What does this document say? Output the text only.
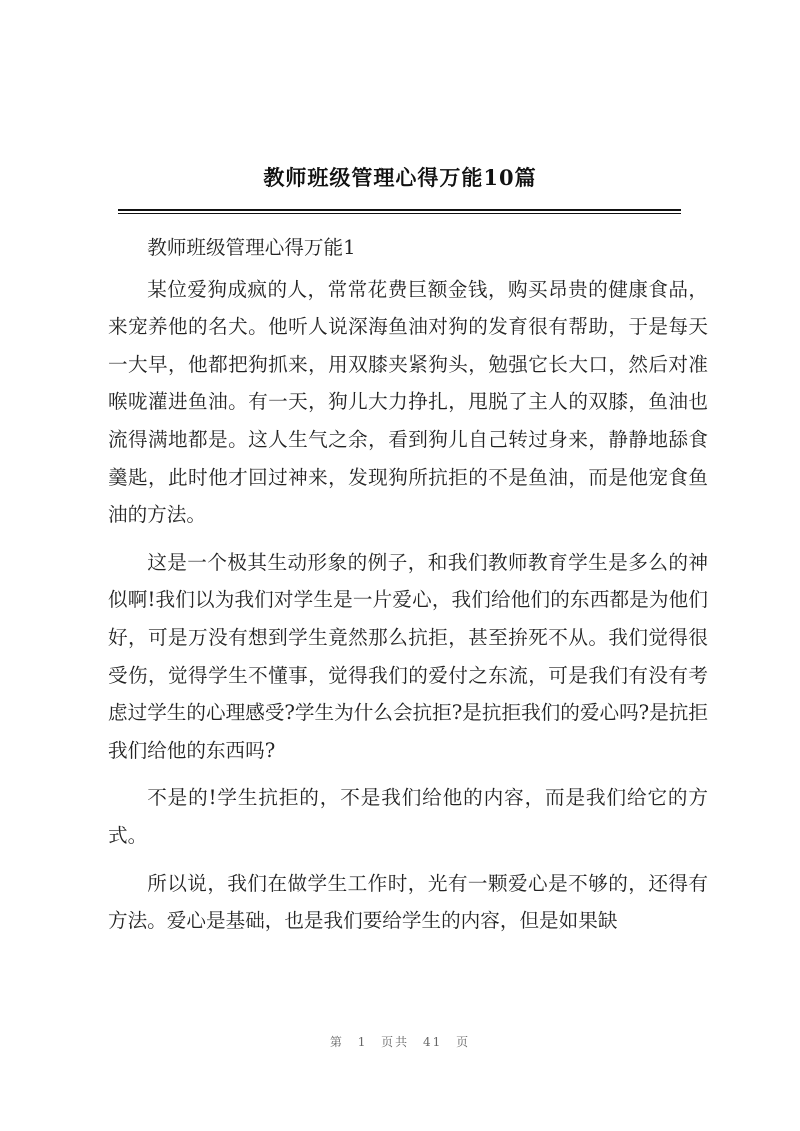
教师班级管理心得万能10篇

教师班级管理心得万能1

某位爱狗成疯的人，常常花费巨额金钱，购买昂贵的健康食品，来宠养他的名犬。他听人说深海鱼油对狗的发育很有帮助，于是每天一大早，他都把狗抓来，用双膝夹紧狗头，勉强它长大口，然后对准喉咙灌进鱼油。有一天，狗儿大力挣扎，甩脱了主人的双膝，鱼油也流得满地都是。这人生气之余，看到狗儿自己转过身来，静静地舔食羹匙，此时他才回过神来，发现狗所抗拒的不是鱼油，而是他宠食鱼油的方法。

这是一个极其生动形象的例子，和我们教师教育学生是多么的神似啊!我们以为我们对学生是一片爱心，我们给他们的东西都是为他们好，可是万没有想到学生竟然那么抗拒，甚至拚死不从。我们觉得很受伤，觉得学生不懂事，觉得我们的爱付之东流，可是我们有没有考虑过学生的心理感受?学生为什么会抗拒?是抗拒我们的爱心吗?是抗拒我们给他的东西吗?

不是的!学生抗拒的，不是我们给他的内容，而是我们给它的方式。

所以说，我们在做学生工作时，光有一颗爱心是不够的，还得有方法。爱心是基础，也是我们要给学生的内容，但是如果缺

第 1 页共 41 页
